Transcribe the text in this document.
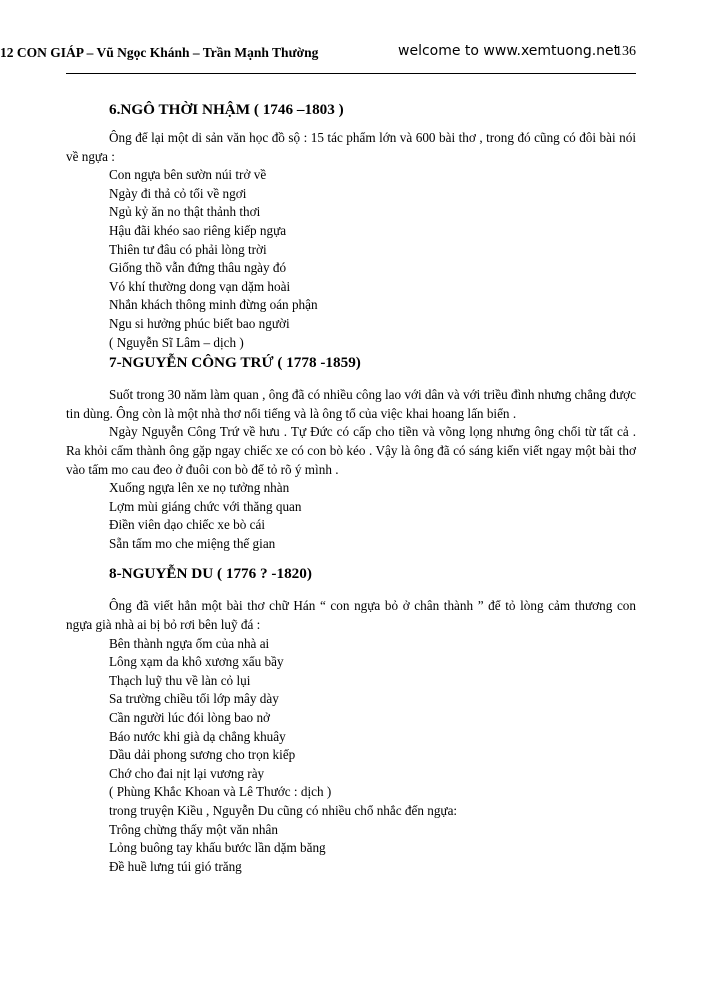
12 CON GIÁP – Vũ Ngọc Khánh – Trần Mạnh Thường	welcome to www.xemtuong.net
136
6.NGÔ THỜI NHẬM ( 1746 –1803 )

Ông để lại một di sản văn học đồ sộ : 15 tác phẩm lớn và 600 bài thơ , trong đó cũng có đôi bài nói về ngựa :

Con ngựa bên sườn núi trở về

Ngày đi thả cỏ tối về ngơi

Ngủ kỷ ăn no thật thảnh thơi

Hậu đãi khéo sao riêng kiếp ngựa

Thiên tư đâu có phải lòng trời

Giống thồ vẫn đứng thâu ngày đó

Vó khí thường dong vạn dặm hoài

Nhắn khách thông minh đừng oán phận

Ngu si hưởng phúc biết bao người

( Nguyễn Sĩ Lâm – dịch )

7-NGUYỄN CÔNG TRỨ ( 1778 -1859)

Suốt trong 30 năm làm quan , ông đã có nhiều công lao với dân và với triều đình nhưng chẳng được tin dùng. Ông còn là một nhà thơ nổi tiếng và là ông tổ của việc khai hoang lấn biển .

Ngày Nguyễn Công Trứ về hưu . Tự Đức có cấp cho tiền và võng lọng nhưng ông chối từ tất cả . Ra khỏi cấm thành ông gặp ngay chiếc xe có con bò kéo . Vậy là ông đã có sáng kiến viết ngay một bài thơ vào tấm mo cau đeo ở đuôi con bò để tỏ rõ ý mình .

Xuống ngựa lên xe nọ tưởng nhàn

Lợm mùi giáng chức với thăng quan

Điền viên dạo chiếc xe bò cái

Sẵn tấm mo che miệng thế gian

8-NGUYỄN DU ( 1776 ? -1820)

Ông đã viết hẳn một bài thơ chữ Hán “ con ngựa bỏ ở chân thành ” để tỏ lòng cảm thương con ngựa già nhà ai bị bỏ rơi bên luỹ đá :

Bên thành ngựa ốm của nhà ai

Lông xạm da khô xương xẩu bầy

Thạch luỹ thu về làn cỏ lụi

Sa trường chiều tối lớp mây dày

Cần người lúc đói lòng bao nở

Báo nước khi già dạ chẳng khuây

Dầu dải phong sương cho trọn kiếp

Chớ cho đai nịt lại vương rày

( Phùng Khắc Khoan và Lê Thước : dịch )

trong truyện Kiều , Nguyễn Du cũng có nhiều chổ nhắc đến ngựa:

Trông chừng thấy một văn nhân

Lỏng buông tay khấu bước lần dặm băng

Đề huề lưng túi gió trăng
